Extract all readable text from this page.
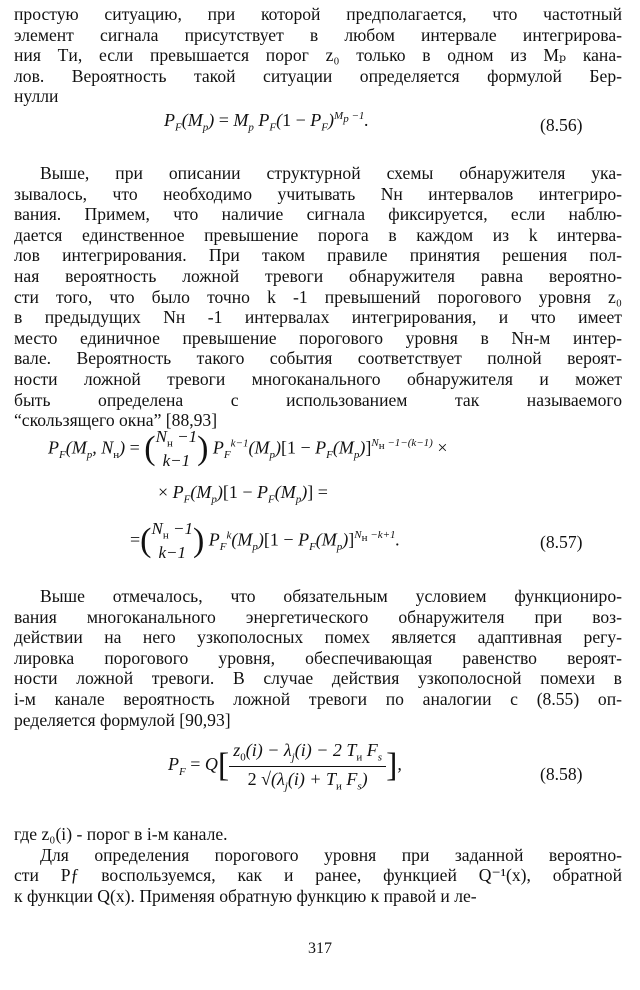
простую ситуацию, при которой предполагается, что частотный
элемент сигнала присутствует в любом интервале интегрирова-
ния Tи, если превышается порог z₀ только в одном из Mₚ кана-
лов. Вероятность такой ситуации определяется формулой Бер-
нулли
$P_F(M_p) = M_p$ $P_F(1 - P_F)^{M_p -1}$.	(8.56)
Выше, при описании структурной схемы обнаружителя ука-
зывалось, что необходимо учитывать Nн интервалов интегриро-
вания. Примем, что наличие сигнала фиксируется, если наблю-
дается единственное превышение порога в каждом из k интерва-
лов интегрирования. При таком правиле принятия решения пол-
ная вероятность ложной тревоги обнаружителя равна вероятно-
сти того, что было точно k -1 превышений порогового уровня z₀
в предыдущих Nн -1 интервалах интегрирования, и что имеет
место единичное превышение порогового уровня в Nн-м интер-
вале. Вероятность такого события соответствует полной вероят-
ности ложной тревоги многоканального обнаружителя и может
быть определена с использованием так называемого
“скользящего окна” [88,93]
$P_F(M_p$, $N_н$) = ( $N_н -1$
k−1 ) $P_F^{k-1}(M_p)[1 - P_F(M_p)]^{N_н -1-(k-1)}$ ×
× $P_F(M_p)[1 - P_F(M_p)]$ =
=( $N_н -1$
k−1 ) $P_F^k(M_p)[1 - P_F(M_p)]^{N_н -k+1}$.	(8.57)
Выше отмечалось, что обязательным условием функциониро-
вания многоканального энергетического обнаружителя при воз-
действии на него узкополосных помех является адаптивная регу-
лировка порогового уровня, обеспечивающая равенство вероят-
ности ложной тревоги. В случае действия узкополосной помехи в
i-м канале вероятность ложной тревоги по аналогии с (8.55) оп-
ределяется формулой [90,93]
$P_F = Q[ \frac{z_0(i) - \lambda_j(i) - 2 T_и F_s}{2 √(\lambda_j(i) + T_и F_s)}$ ],	(8.58)
где z₀(i) - порог в i-м канале.
Для определения порогового уровня при заданной вероятно-
сти Pƒ воспользуемся, как и ранее, функцией Q⁻¹(x), обратной
к функции Q(x). Применяя обратную функцию к правой и ле-
317
